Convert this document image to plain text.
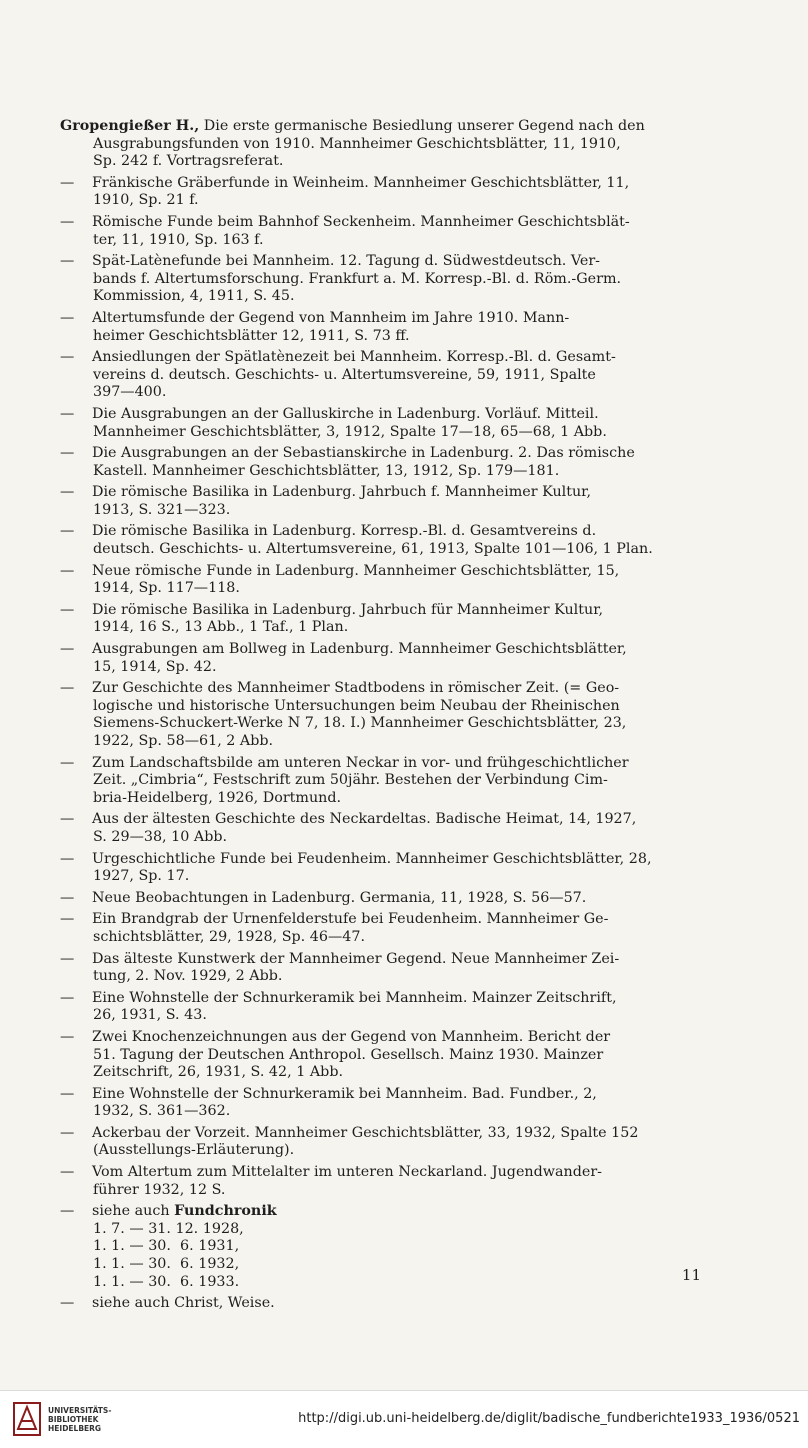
Gropengießer H., Die erste germanische Besiedlung unserer Gegend nach den
Ausgrabungsfunden von 1910. Mannheimer Geschichtsblätter, 11, 1910,
Sp. 242 f. Vortragsreferat.
— Fränkische Gräberfunde in Weinheim. Mannheimer Geschichtsblätter, 11,
1910, Sp. 21 f.
— Römische Funde beim Bahnhof Seckenheim. Mannheimer Geschichtsblät-
ter, 11, 1910, Sp. 163 f.
— Spät-Latènefunde bei Mannheim. 12. Tagung d. Südwestdeutsch. Ver-
bands f. Altertumsforschung. Frankfurt a. M. Korresp.-Bl. d. Röm.-Germ.
Kommission, 4, 1911, S. 45.
— Altertumsfunde der Gegend von Mannheim im Jahre 1910. Mann-
heimer Geschichtsblätter 12, 1911, S. 73 ff.
— Ansiedlungen der Spätlatènezeit bei Mannheim. Korresp.-Bl. d. Gesamt-
vereins d. deutsch. Geschichts- u. Altertumsvereine, 59, 1911, Spalte
397—400.
— Die Ausgrabungen an der Galluskirche in Ladenburg. Vorläuf. Mitteil.
Mannheimer Geschichtsblätter, 3, 1912, Spalte 17—18, 65—68, 1 Abb.
— Die Ausgrabungen an der Sebastianskirche in Ladenburg. 2. Das römische
Kastell. Mannheimer Geschichtsblätter, 13, 1912, Sp. 179—181.
— Die römische Basilika in Ladenburg. Jahrbuch f. Mannheimer Kultur,
1913, S. 321—323.
— Die römische Basilika in Ladenburg. Korresp.-Bl. d. Gesamtvereins d.
deutsch. Geschichts- u. Altertumsvereine, 61, 1913, Spalte 101—106, 1 Plan.
— Neue römische Funde in Ladenburg. Mannheimer Geschichtsblätter, 15,
1914, Sp. 117—118.
— Die römische Basilika in Ladenburg. Jahrbuch für Mannheimer Kultur,
1914, 16 S., 13 Abb., 1 Taf., 1 Plan.
— Ausgrabungen am Bollweg in Ladenburg. Mannheimer Geschichtsblätter,
15, 1914, Sp. 42.
— Zur Geschichte des Mannheimer Stadtbodens in römischer Zeit. (= Geo-
logische und historische Untersuchungen beim Neubau der Rheinischen
Siemens-Schuckert-Werke N 7, 18. I.) Mannheimer Geschichtsblätter, 23,
1922, Sp. 58—61, 2 Abb.
— Zum Landschaftsbilde am unteren Neckar in vor- und frühgeschichtlicher
Zeit. „Cimbria“, Festschrift zum 50jähr. Bestehen der Verbindung Cim-
bria-Heidelberg, 1926, Dortmund.
— Aus der ältesten Geschichte des Neckardeltas. Badische Heimat, 14, 1927,
S. 29—38, 10 Abb.
— Urgeschichtliche Funde bei Feudenheim. Mannheimer Geschichtsblätter, 28,
1927, Sp. 17.
— Neue Beobachtungen in Ladenburg. Germania, 11, 1928, S. 56—57.
— Ein Brandgrab der Urnenfelderstufe bei Feudenheim. Mannheimer Ge-
schichtsblätter, 29, 1928, Sp. 46—47.
— Das älteste Kunstwerk der Mannheimer Gegend. Neue Mannheimer Zei-
tung, 2. Nov. 1929, 2 Abb.
— Eine Wohnstelle der Schnurkeramik bei Mannheim. Mainzer Zeitschrift,
26, 1931, S. 43.
— Zwei Knochenzeichnungen aus der Gegend von Mannheim. Bericht der
51. Tagung der Deutschen Anthropol. Gesellsch. Mainz 1930. Mainzer
Zeitschrift, 26, 1931, S. 42, 1 Abb.
— Eine Wohnstelle der Schnurkeramik bei Mannheim. Bad. Fundber., 2,
1932, S. 361—362.
— Ackerbau der Vorzeit. Mannheimer Geschichtsblätter, 33, 1932, Spalte 152
(Ausstellungs-Erläuterung).
— Vom Altertum zum Mittelalter im unteren Neckarland. Jugendwander-
führer 1932, 12 S.
— siehe auch Fundchronik
1. 7. — 31. 12. 1928,
1. 1. — 30.  6. 1931,
1. 1. — 30.  6. 1932,
1. 1. — 30.  6. 1933.
— siehe auch Christ, Weise.
11
UNIVERSITÄTS-
BIBLIOTHEK
HEIDELBERG
http://digi.ub.uni-heidelberg.de/diglit/badische_fundberichte1933_1936/0521
